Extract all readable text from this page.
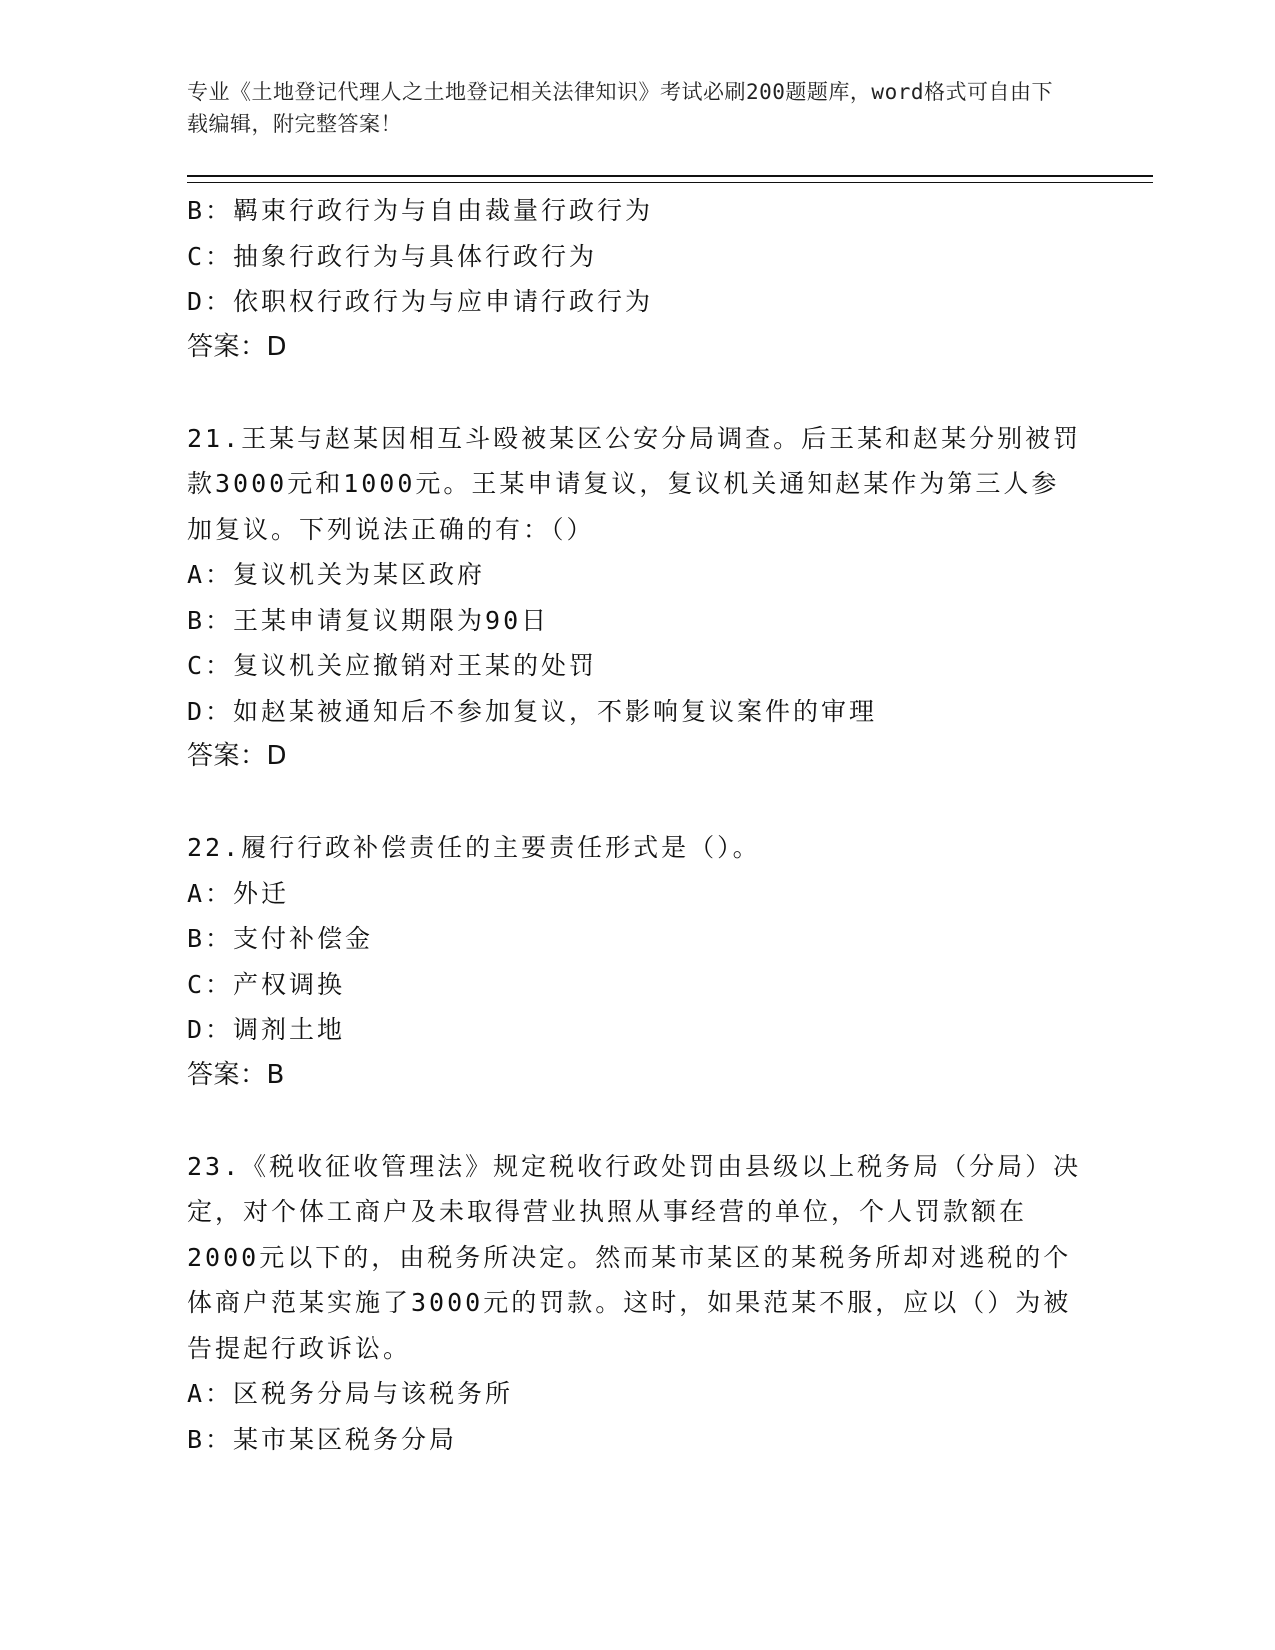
专业《土地登记代理人之土地登记相关法律知识》考试必刷200题题库，word格式可自由下载编辑，附完整答案！
B：羁束行政行为与自由裁量行政行为
C：抽象行政行为与具体行政行为
D：依职权行政行为与应申请行政行为
答案：D
21.王某与赵某因相互斗殴被某区公安分局调查。后王某和赵某分别被罚款3000元和1000元。王某申请复议，复议机关通知赵某作为第三人参加复议。下列说法正确的有：（）
A：复议机关为某区政府
B：王某申请复议期限为90日
C：复议机关应撤销对王某的处罚
D：如赵某被通知后不参加复议，不影响复议案件的审理
答案：D
22.履行行政补偿责任的主要责任形式是（）。
A：外迁
B：支付补偿金
C：产权调换
D：调剂土地
答案：B
23.《税收征收管理法》规定税收行政处罚由县级以上税务局（分局）决定，对个体工商户及未取得营业执照从事经营的单位，个人罚款额在2000元以下的，由税务所决定。然而某市某区的某税务所却对逃税的个体商户范某实施了3000元的罚款。这时，如果范某不服，应以（）为被告提起行政诉讼。
A：区税务分局与该税务所
B：某市某区税务分局
